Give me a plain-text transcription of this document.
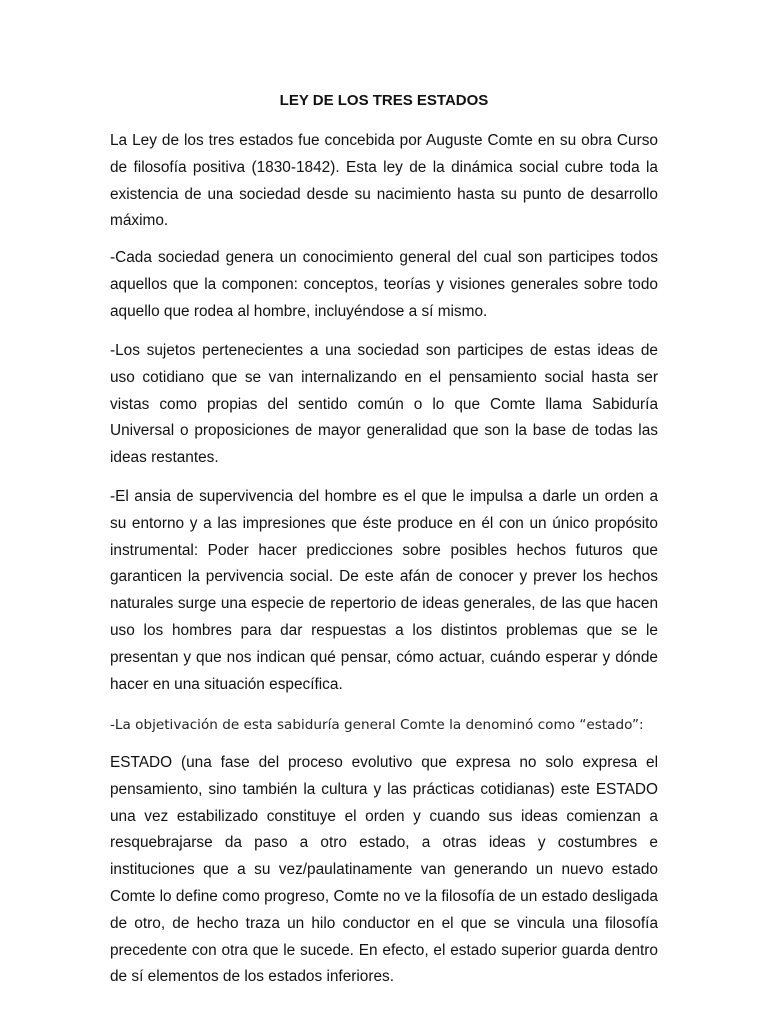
LEY DE LOS TRES ESTADOS

La Ley de los tres estados fue concebida por Auguste Comte en su obra Curso de filosofía positiva (1830-1842). Esta ley de la dinámica social cubre toda la existencia de una sociedad desde su nacimiento hasta su punto de desarrollo máximo.

-Cada sociedad genera un conocimiento general del cual son participes todos aquellos que la componen: conceptos, teorías y visiones generales sobre todo aquello que rodea al hombre, incluyéndose a sí mismo.

-Los sujetos pertenecientes a una sociedad son participes de estas ideas de uso cotidiano que se van internalizando en el pensamiento social hasta ser vistas como propias del sentido común o lo que Comte llama Sabiduría Universal o proposiciones de mayor generalidad que son la base de todas las ideas restantes.

-El ansia de supervivencia del hombre es el que le impulsa a darle un orden a su entorno y a las impresiones que éste produce en él con un único propósito instrumental: Poder hacer predicciones sobre posibles hechos futuros que garanticen la pervivencia social. De este afán de conocer y prever los hechos naturales surge una especie de repertorio de ideas generales, de las que hacen uso los hombres para dar respuestas a los distintos problemas que se le presentan y que nos indican qué pensar, cómo actuar, cuándo esperar y dónde hacer en una situación específica.

-La objetivación de esta sabiduría general Comte la denominó como “estado”:

ESTADO (una fase del proceso evolutivo que expresa no solo expresa el pensamiento, sino también la cultura y las prácticas cotidianas) este ESTADO una vez estabilizado constituye el orden y cuando sus ideas comienzan a resquebrajarse da paso a otro estado, a otras ideas y costumbres e instituciones que a su vez/paulatinamente van generando un nuevo estado Comte lo define como progreso, Comte no ve la filosofía de un estado desligada de otro, de hecho traza un hilo conductor en el que se vincula una filosofía precedente con otra que le sucede. En efecto, el estado superior guarda dentro de sí elementos de los estados inferiores.
